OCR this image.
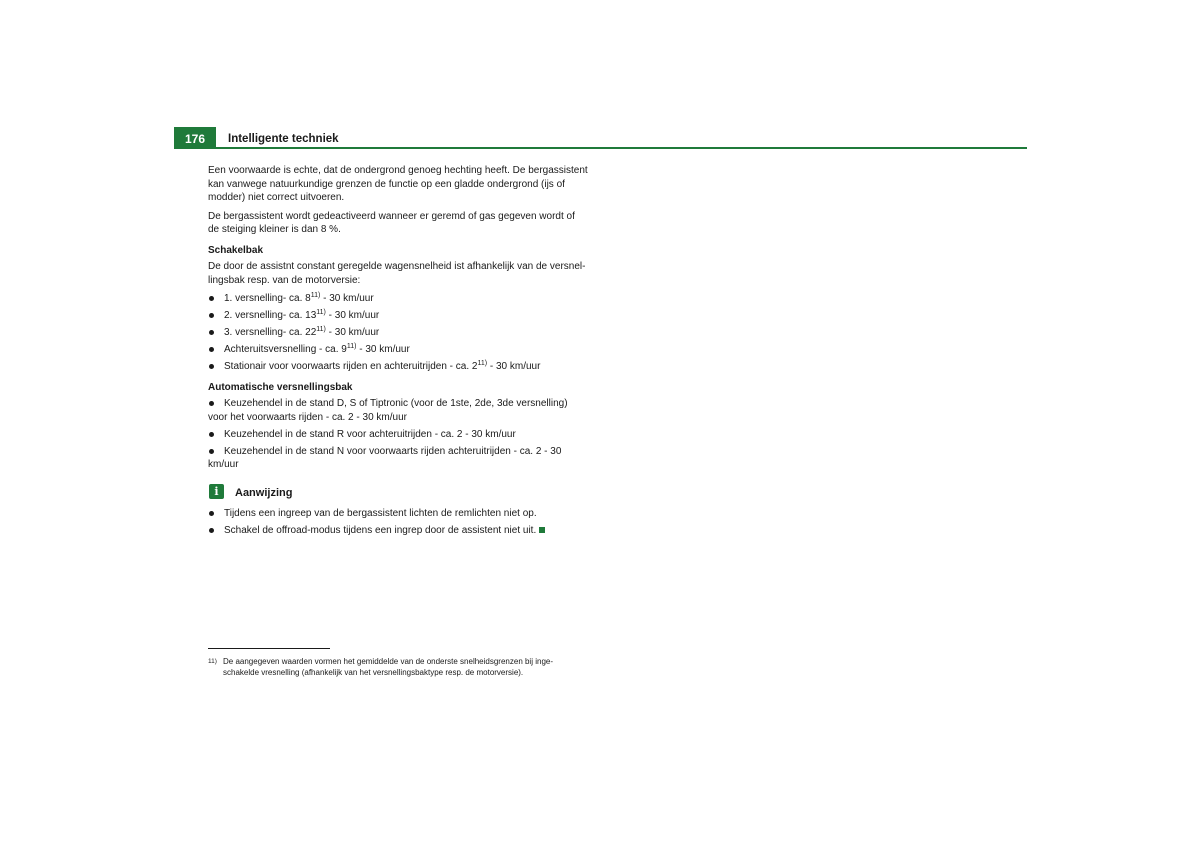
176	Intelligente techniek

Een voorwaarde is echte, dat de ondergrond genoeg hechting heeft. De bergassistent kan vanwege natuurkundige grenzen de functie op een gladde ondergrond (ijs of modder) niet correct uitvoeren.

De bergassistent wordt gedeactiveerd wanneer er geremd of gas gegeven wordt of de steiging kleiner is dan 8 %.

Schakelbak

De door de assistnt constant geregelde wagensnelheid ist afhankelijk van de versnel-lingsbak resp. van de motorversie:

1. versnelling- ca. 8$^{11)}$ - 30 km/uur
2. versnelling- ca. 13$^{11)}$ - 30 km/uur
3. versnelling- ca. 22$^{11)}$ - 30 km/uur
Achteruitsversnelling - ca. 9$^{11)}$ - 30 km/uur
Stationair voor voorwaarts rijden en achteruitrijden - ca. 2$^{11)}$ - 30 km/uur
Automatische versnellingsbak
Keuzehendel in de stand D, S of Tiptronic (voor de 1ste, 2de, 3de versnelling) voor het voorwaarts rijden - ca. 2 - 30 km/uur
Keuzehendel in de stand R voor achteruitrijden - ca. 2 - 30 km/uur
Keuzehendel in de stand N voor voorwaarts rijden achteruitrijden - ca. 2 - 30 km/uur
i	Aanwijzing
Tijdens een ingreep van de bergassistent lichten de remlichten niet op.
Schakel de offroad-modus tijdens een ingrep door de assistent niet uit.
11) De aangegeven waarden vormen het gemiddelde van de onderste snelheidsgrenzen bij inge-schakelde vresnelling (afhankelijk van het versnellingsbaktype resp. de motorversie).
